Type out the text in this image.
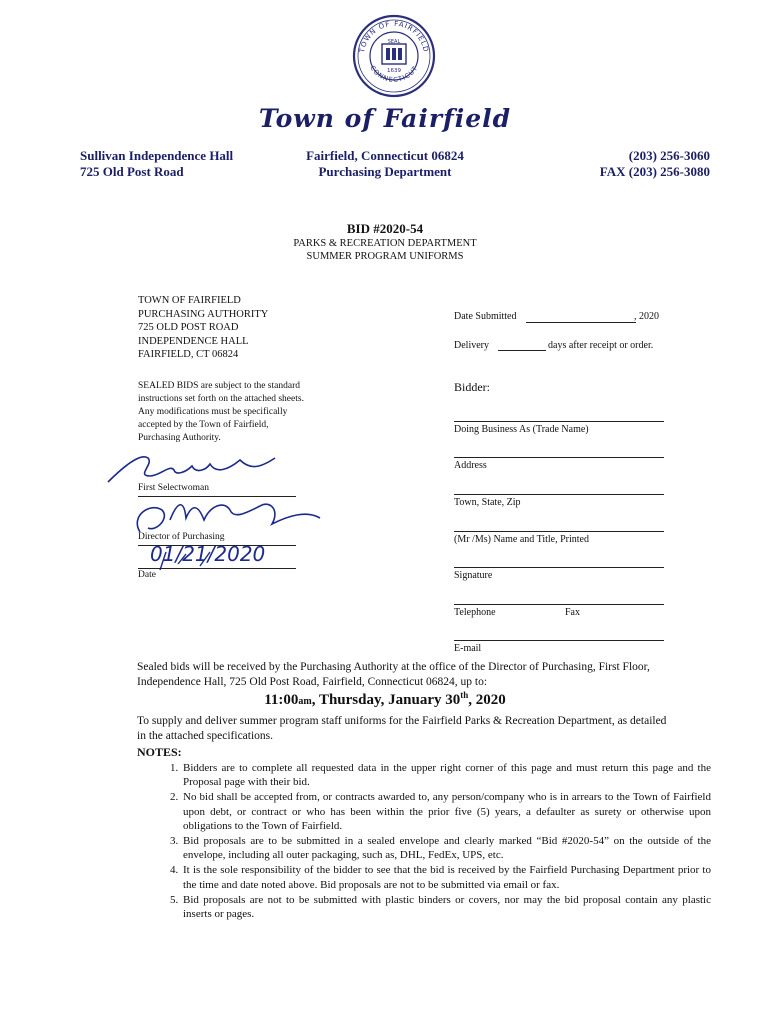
TOWN OF FAIRFIELD
CONNECTICUT
SEAL
1639
Town of Fairfield
Sullivan Independence Hall
725 Old Post Road
Fairfield, Connecticut 06824
Purchasing Department
(203) 256-3060
FAX (203) 256-3080
BID #2020-54
PARKS & RECREATION DEPARTMENT
SUMMER PROGRAM UNIFORMS
TOWN OF FAIRFIELD
PURCHASING AUTHORITY
725 OLD POST ROAD
INDEPENDENCE HALL
FAIRFIELD, CT 06824
SEALED BIDS are subject to the standard
instructions set forth on the attached sheets.
Any modifications must be specifically
accepted by the Town of Fairfield,
Purchasing Authority.
First Selectwoman
Director of Purchasing
01/21/2020
Date
Date Submitted	, 2020
Delivery	days after receipt or order.
Bidder:
Doing Business As (Trade Name)
Address
Town, State, Zip
(Mr /Ms) Name and Title, Printed
Signature
Telephone	Fax
E-mail
Sealed bids will be received by the Purchasing Authority at the office of the Director of Purchasing, First Floor, Independence Hall, 725 Old Post Road, Fairfield, Connecticut 06824, up to:
11:00am, Thursday, January 30th, 2020
To supply and deliver summer program staff uniforms for the Fairfield Parks & Recreation Department, as detailed in the attached specifications.
NOTES:
1. Bidders are to complete all requested data in the upper right corner of this page and must return this page and the Proposal page with their bid.
2. No bid shall be accepted from, or contracts awarded to, any person/company who is in arrears to the Town of Fairfield upon debt, or contract or who has been within the prior five (5) years, a defaulter as surety or otherwise upon obligations to the Town of Fairfield.
3. Bid proposals are to be submitted in a sealed envelope and clearly marked “Bid #2020-54” on the outside of the envelope, including all outer packaging, such as, DHL, FedEx, UPS, etc.
4. It is the sole responsibility of the bidder to see that the bid is received by the Fairfield Purchasing Department prior to the time and date noted above. Bid proposals are not to be submitted via email or fax.
5. Bid proposals are not to be submitted with plastic binders or covers, nor may the bid proposal contain any plastic inserts or pages.
